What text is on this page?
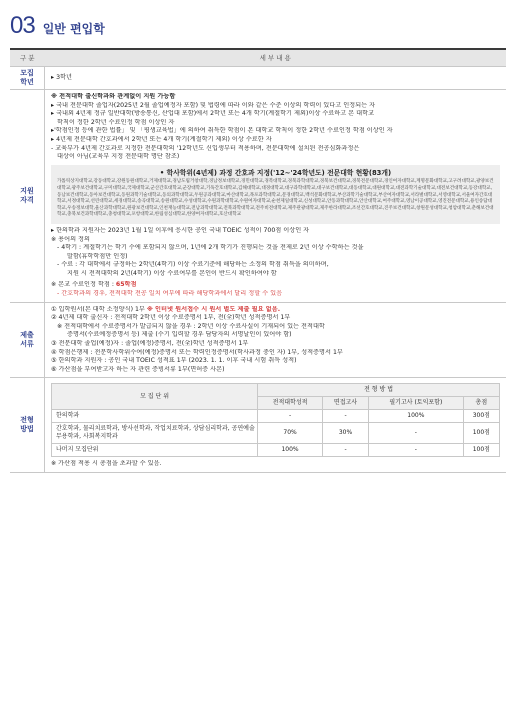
03 일반 편입학
구 분	세 부 내 용

모집
학년
	▸ 3학년

지원
자격

※ 전적대학 출신학과와 관계없이 지원 가능함
▸ 국내 전문대학 졸업자(2025년 2월 졸업예정자 포함) 및 법령에 따라 이와 같은 수준 이상의 학력이 있다고 인정되는 자
▸ 국내외 4년제 정규 일반대학(방송통신, 산업대 포함)에서 2학년 또는 4개 학기(계절학기 제외)이상 수료하고 본 대학교
학칙이 정한 2학년 수료인정 학점 이상인 자
▸'학점인정 등에 관한 법률」 및 「평생교육법」에 의하여 취득한 학점이 본 대학교 학칙이 정한 2학년 수료인정 학점 이상인 자
▸ 4년제 전문대학 간호과에서 2학년 또는 4개 학기(계절학기 제외) 이상 수료한 자
- 교육부가 4년제 간호과로 지정한 전문대학의 '12학년도 신입생부터 적용하며, 전문대학에 설치된 전공심화과정은
대상이 아님(교육부 지정 전문대학 명단 참조)
• 학사학위(4년제) 과정 간호과 지정('12~'24학년도) 전문대학 현황(83개)
가톨릭상지대학교,강동대학교,강원동원대학교,거제대학교,경남도립거창대학,경남정보대학교,경민대학교,경복대학교,경북과학대학교,경북보건대학교,경북전문대학교,경인여자대학교,계명문화대학교,고구려대학교,광양보건대학교,광주보건대학교,구미대학교,국제대학교,군산간호대학교,군장대학교,기독간호대학교,김해대학교,대경대학교,대구과학대학교,대구보건대학교,대동대학교,대원대학교,대전과학기술대학교,대전보건대학교,동강대학교,동남보건대학교,동아보건대학교,동원과학기술대학교,동의과학대학교,두원공과대학교,마산대학교,목포과학대학교,문경대학교,백석문화대학교,부산과학기술대학교,부산여자대학교,서라벌대학교,서영대학교,서울여자간호대학교,서정대학교,선린대학교,세경대학교,송곡대학교,송원대학교,수성대학교,수원과학대학교,수원여자대학교,순천제일대학교,신성대학교,안동과학대학교,안산대학교,여주대학교,영남이공대학교,영진전문대학교,용인송담대학교,우송정보대학,울산과학대학교,원광보건대학교,인천재능대학교,전남과학대학교,전북과학대학교,전주비전대학교,제주관광대학교,제주한라대학교,조선간호대학교,진주보건대학교,창원문성대학교,청암대학교,춘해보건대학교,충북보건과학대학교,충청대학교,포항대학교,한림성심대학교,한양여자대학교,호산대학교
▸ 한의학과 지원자는 2023년 1월 1일 이후에 응시한 공인 국내 TOEIC 성적이 700점 이상인 자
※ 용어의 정의
- 4학기 : 계절학기는 학기 수에 포함되지 않으며, 1년에 2개 학기가 진행되는 것을 전제로 2년 이상 수학하는 것을
말함(휴학학점만 인정)
- 수료 : 각 대학에서 규정하는 2학년(4학기) 이상 수료기준에 해당하는 소정의 학점 취득을 의미하며,
지원 시 전적대학의 2년(4학기) 이상 수료여부를 본인이 반드시 확인하여야 함
※ 본교 수료인정 학점 : 65학점
- 간호학과의 경우, 전적대학 전공 일치 여부에 따라 해당학과에서 달리 정할 수 있음

제출
서류

① 입학원서(본 대학 소정양식) 1부 ※ 인터넷 원서접수 시 원서 별도 제출 필요 없음.
② 4년제 대학 출신자 : 전적대학 2학년 이상 수료증명서 1부, 전(全)학년 성적증명서 1부
※ 전적대학에서 수료증명서가 발급되지 않을 경우 : 2학년 이상 수료사실이 기재되어 있는 전적대학
증명서(수료예정증명서 등) 제출 (수기 입력할 경우 담당자의 서명날인이 있어야 함)
③ 전문대학 졸업(예정)자 : 졸업(예정)증명서, 전(全)학년 성적증명서 1부
④ 학점은행제 : 전문학사학위수여(예정)증명서 또는 학력인정증명서(학사과정 중인 자) 1부, 성적증명서 1부
⑤ 한의학과 지원자 : 공인 국내 TOEIC 성적표 1부 (2023. 1. 1. 이후 국내 시험 취득 성적)
⑥ 가산점을 부여받고자 하는 자 관련 증빙서류 1부(면허증 사본)

전형
방법

모 집 단 위	전 형 방 법
전적대학성적	면접고사	필기고사 (토익포함)	총점
한의학과	-	-	100%	300점
간호학과, 물리치료학과, 방사선학과, 작업치료학과, 상담심리학과, 공연예술무용학과, 사회복지학과	70%	30%	-	100점
나머지 모집단위	100%	-	-	100점
※ 가산점 적용 시 총점을 초과할 수 있음.
